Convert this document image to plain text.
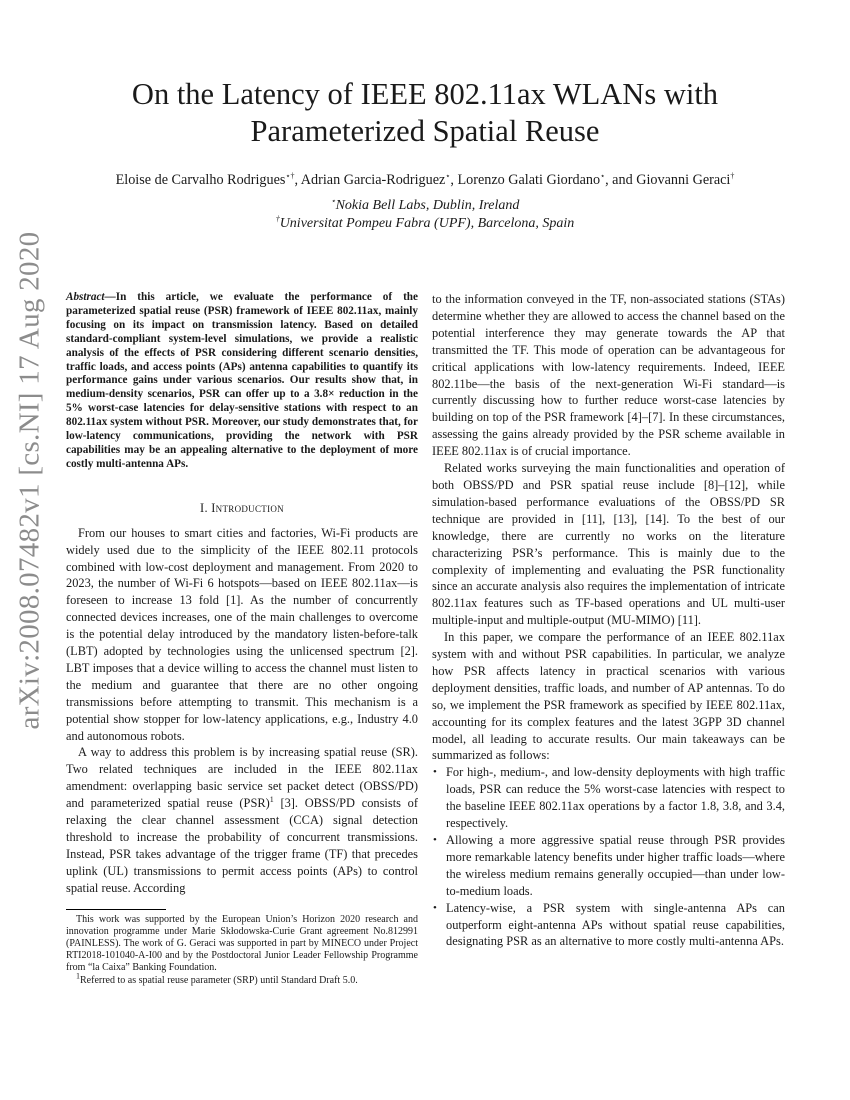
arXiv:2008.07482v1 [cs.NI] 17 Aug 2020
On the Latency of IEEE 802.11ax WLANs with
Parameterized Spatial Reuse
Eloise de Carvalho Rodrigues⋆†, Adrian Garcia-Rodriguez⋆, Lorenzo Galati Giordano⋆, and Giovanni Geraci†
⋆Nokia Bell Labs, Dublin, Ireland
†Universitat Pompeu Fabra (UPF), Barcelona, Spain

Abstract—In this article, we evaluate the performance of the parameterized spatial reuse (PSR) framework of IEEE 802.11ax, mainly focusing on its impact on transmission latency. Based on detailed standard-compliant system-level simulations, we provide a realistic analysis of the effects of PSR considering different scenario densities, traffic loads, and access points (APs) antenna capabilities to quantify its performance gains under various scenarios. Our results show that, in medium-density scenarios, PSR can offer up to a 3.8× reduction in the 5% worst-case latencies for delay-sensitive stations with respect to an 802.11ax system without PSR. Moreover, our study demonstrates that, for low-latency communications, providing the network with PSR capabilities may be an appealing alternative to the deployment of more costly multi-antenna APs.

I. Introduction

From our houses to smart cities and factories, Wi-Fi products are widely used due to the simplicity of the IEEE 802.11 protocols combined with low-cost deployment and management. From 2020 to 2023, the number of Wi-Fi 6 hotspots—based on IEEE 802.11ax—is foreseen to increase 13 fold [1]. As the number of concurrently connected devices increases, one of the main challenges to overcome is the potential delay introduced by the mandatory listen-before-talk (LBT) adopted by technologies using the unlicensed spectrum [2]. LBT imposes that a device willing to access the channel must listen to the medium and guarantee that there are no other ongoing transmissions before attempting to transmit. This mechanism is a potential show stopper for low-latency applications, e.g., Industry 4.0 and autonomous robots.

A way to address this problem is by increasing spatial reuse (SR). Two related techniques are included in the IEEE 802.11ax amendment: overlapping basic service set packet detect (OBSS/PD) and parameterized spatial reuse (PSR)$^1$ [3]. OBSS/PD consists of relaxing the clear channel assessment (CCA) signal detection threshold to increase the probability of concurrent transmissions. Instead, PSR takes advantage of the trigger frame (TF) that precedes uplink (UL) transmissions to permit access points (APs) to control spatial reuse. According

This work was supported by the European Union’s Horizon 2020 research and innovation programme under Marie Skłodowska-Curie Grant agreement No.812991 (PAINLESS). The work of G. Geraci was supported in part by MINECO under Project RTI2018-101040-A-I00 and by the Postdoctoral Junior Leader Fellowship Programme from “la Caixa” Banking Foundation.

$^1$Referred to as spatial reuse parameter (SRP) until Standard Draft 5.0.

to the information conveyed in the TF, non-associated stations (STAs) determine whether they are allowed to access the channel based on the potential interference they may generate towards the AP that transmitted the TF. This mode of operation can be advantageous for critical applications with low-latency requirements. Indeed, IEEE 802.11be—the basis of the next-generation Wi-Fi standard—is currently discussing how to further reduce worst-case latencies by building on top of the PSR framework [4]–[7]. In these circumstances, assessing the gains already provided by the PSR scheme available in IEEE 802.11ax is of crucial importance.

Related works surveying the main functionalities and operation of both OBSS/PD and PSR spatial reuse include [8]–[12], while simulation-based performance evaluations of the OBSS/PD SR technique are provided in [11], [13], [14]. To the best of our knowledge, there are currently no works on the literature characterizing PSR’s performance. This is mainly due to the complexity of implementing and evaluating the PSR functionality since an accurate analysis also requires the implementation of intricate 802.11ax features such as TF-based operations and UL multi-user multiple-input and multiple-output (MU-MIMO) [11].

In this paper, we compare the performance of an IEEE 802.11ax system with and without PSR capabilities. In particular, we analyze how PSR affects latency in practical scenarios with various deployment densities, traffic loads, and number of AP antennas. To do so, we implement the PSR framework as specified by IEEE 802.11ax, accounting for its complex features and the latest 3GPP 3D channel model, all leading to accurate results. Our main takeaways can be summarized as follows:

• For high-, medium-, and low-density deployments with high traffic loads, PSR can reduce the 5% worst-case latencies with respect to the baseline IEEE 802.11ax operations by a factor 1.8, 3.8, and 3.4, respectively.
• Allowing a more aggressive spatial reuse through PSR provides more remarkable latency benefits under higher traffic loads—where the wireless medium remains generally occupied—than under low-to-medium loads.
• Latency-wise, a PSR system with single-antenna APs can outperform eight-antenna APs without spatial reuse capabilities, designating PSR as an alternative to more costly multi-antenna APs.
